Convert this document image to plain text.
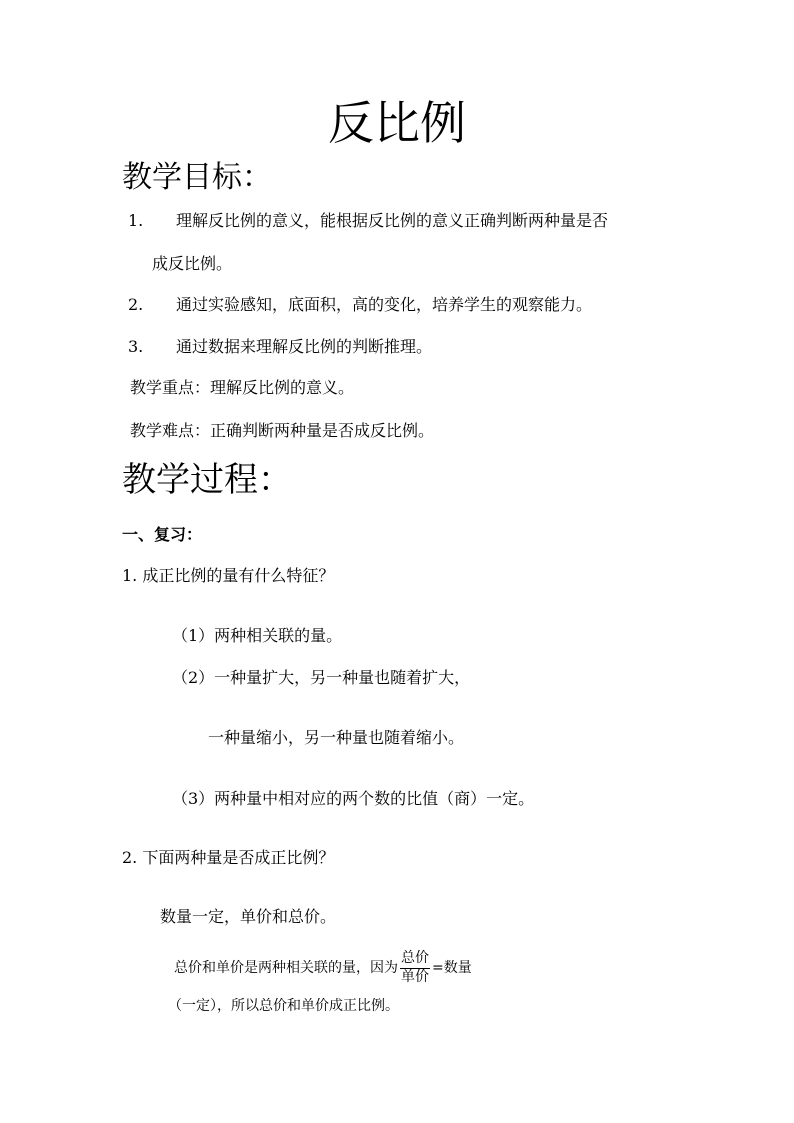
反比例
教学目标：
1. 理解反比例的意义，能根据反比例的意义正确判断两种量是否
成反比例。
2. 通过实验感知，底面积，高的变化，培养学生的观察能力。
3. 通过数据来理解反比例的判断推理。
教学重点：理解反比例的意义。
教学难点：正确判断两种量是否成反比例。
教学过程：
一、复习：
1. 成正比例的量有什么特征？
（1）两种相关联的量。
（2）一种量扩大，另一种量也随着扩大，
一种量缩小，另一种量也随着缩小。
（3）两种量中相对应的两个数的比值（商）一定。
2. 下面两种量是否成正比例？
数量一定，单价和总价。
总价和单价是两种相关联的量，因为 $\frac{\text{总价}}{\text{单价}}$ =数量
（一定），所以总价和单价成正比例。
